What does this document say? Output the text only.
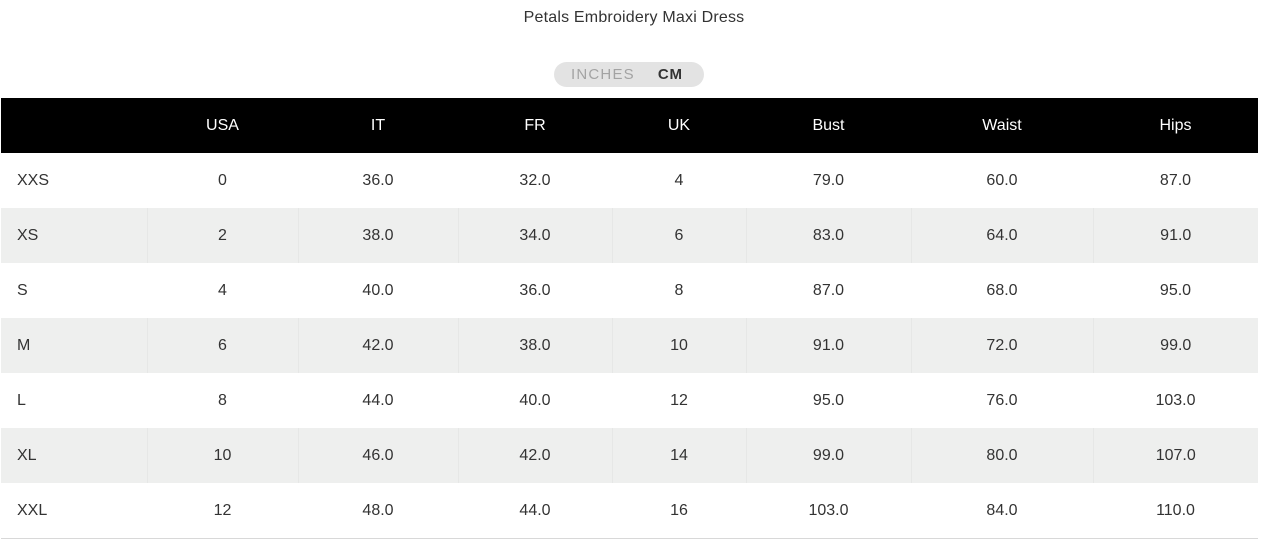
Petals Embroidery Maxi Dress
INCHES CM
	USA	IT	FR	UK	Bust	Waist	Hips
XXS	0	36.0	32.0	4	79.0	60.0	87.0
XS	2	38.0	34.0	6	83.0	64.0	91.0
S	4	40.0	36.0	8	87.0	68.0	95.0
M	6	42.0	38.0	10	91.0	72.0	99.0
L	8	44.0	40.0	12	95.0	76.0	103.0
XL	10	46.0	42.0	14	99.0	80.0	107.0
XXL	12	48.0	44.0	16	103.0	84.0	110.0
